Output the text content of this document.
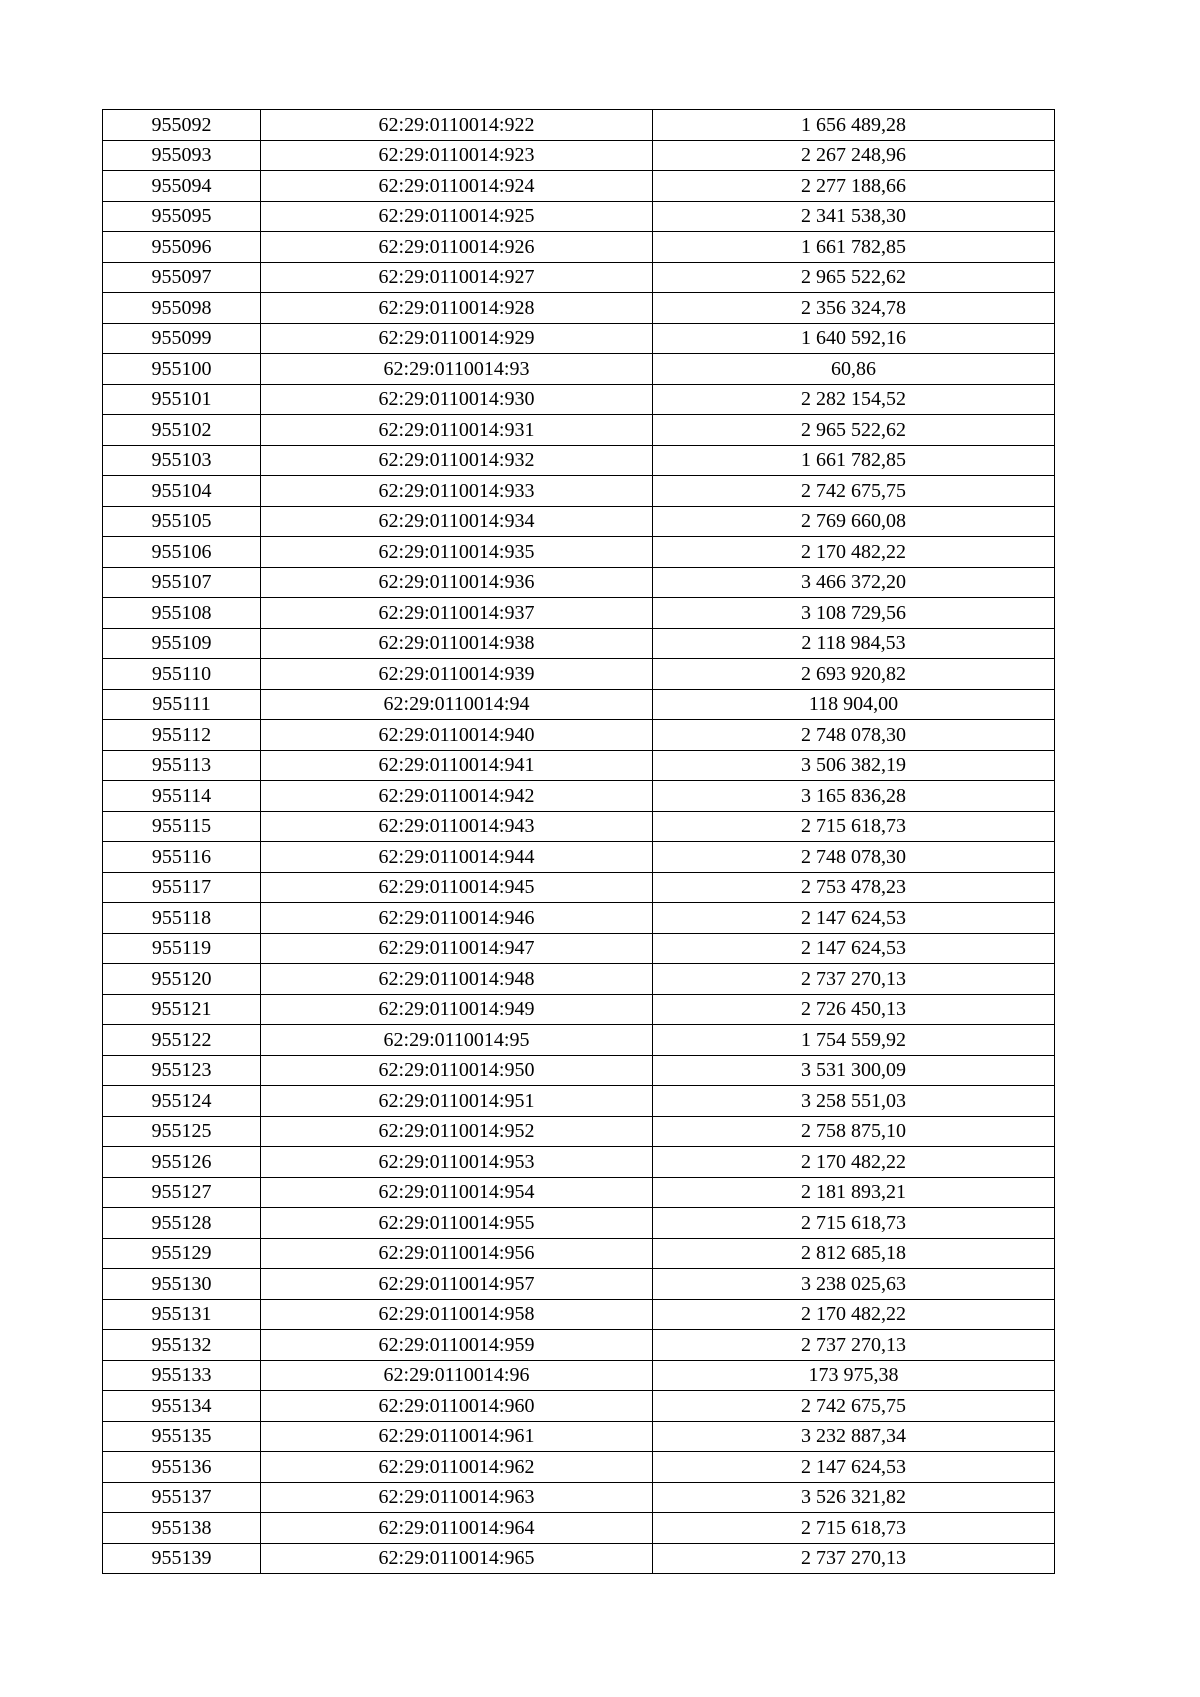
955092	62:29:0110014:922	1 656 489,28
955093	62:29:0110014:923	2 267 248,96
955094	62:29:0110014:924	2 277 188,66
955095	62:29:0110014:925	2 341 538,30
955096	62:29:0110014:926	1 661 782,85
955097	62:29:0110014:927	2 965 522,62
955098	62:29:0110014:928	2 356 324,78
955099	62:29:0110014:929	1 640 592,16
955100	62:29:0110014:93	60,86
955101	62:29:0110014:930	2 282 154,52
955102	62:29:0110014:931	2 965 522,62
955103	62:29:0110014:932	1 661 782,85
955104	62:29:0110014:933	2 742 675,75
955105	62:29:0110014:934	2 769 660,08
955106	62:29:0110014:935	2 170 482,22
955107	62:29:0110014:936	3 466 372,20
955108	62:29:0110014:937	3 108 729,56
955109	62:29:0110014:938	2 118 984,53
955110	62:29:0110014:939	2 693 920,82
955111	62:29:0110014:94	118 904,00
955112	62:29:0110014:940	2 748 078,30
955113	62:29:0110014:941	3 506 382,19
955114	62:29:0110014:942	3 165 836,28
955115	62:29:0110014:943	2 715 618,73
955116	62:29:0110014:944	2 748 078,30
955117	62:29:0110014:945	2 753 478,23
955118	62:29:0110014:946	2 147 624,53
955119	62:29:0110014:947	2 147 624,53
955120	62:29:0110014:948	2 737 270,13
955121	62:29:0110014:949	2 726 450,13
955122	62:29:0110014:95	1 754 559,92
955123	62:29:0110014:950	3 531 300,09
955124	62:29:0110014:951	3 258 551,03
955125	62:29:0110014:952	2 758 875,10
955126	62:29:0110014:953	2 170 482,22
955127	62:29:0110014:954	2 181 893,21
955128	62:29:0110014:955	2 715 618,73
955129	62:29:0110014:956	2 812 685,18
955130	62:29:0110014:957	3 238 025,63
955131	62:29:0110014:958	2 170 482,22
955132	62:29:0110014:959	2 737 270,13
955133	62:29:0110014:96	173 975,38
955134	62:29:0110014:960	2 742 675,75
955135	62:29:0110014:961	3 232 887,34
955136	62:29:0110014:962	2 147 624,53
955137	62:29:0110014:963	3 526 321,82
955138	62:29:0110014:964	2 715 618,73
955139	62:29:0110014:965	2 737 270,13
